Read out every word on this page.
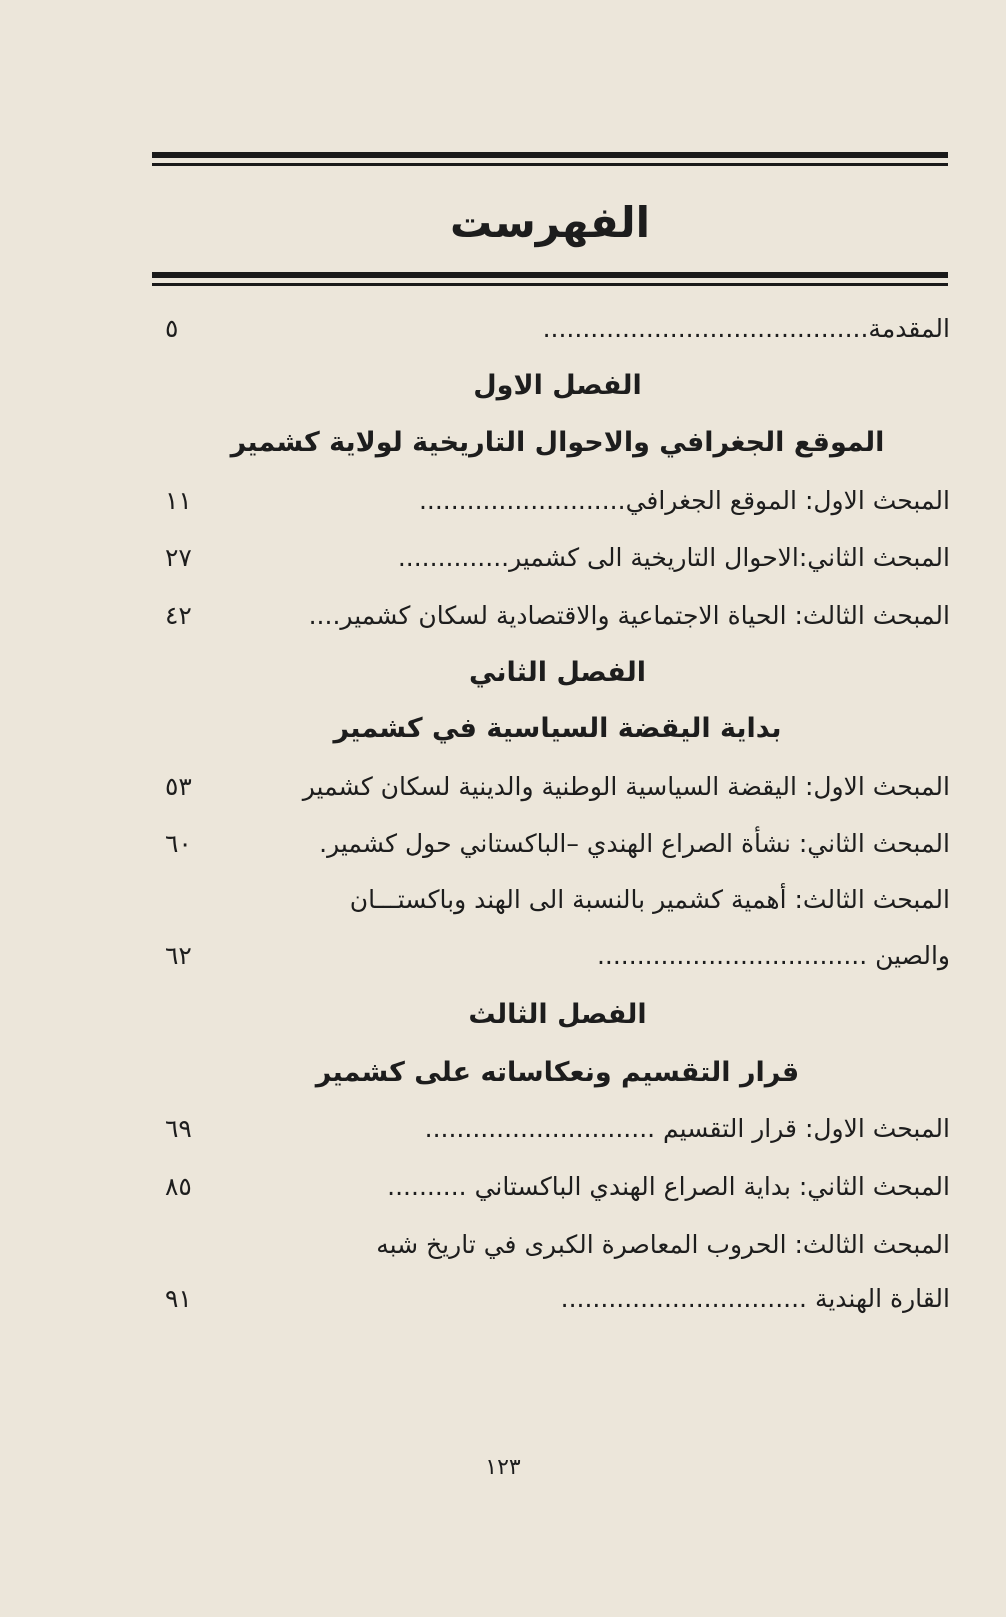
الفهرست
المقدمة.........................................
٥
الفصل الاول
الموقع الجغرافي والاحوال التاريخية لولاية كشمير
المبحث الاول: الموقع الجغرافي..........................
١١
المبحث الثاني:الاحوال التاريخية الى كشمير..............
٢٧
المبحث الثالث: الحياة الاجتماعية والاقتصادية لسكان كشمير....
٤٢
الفصل الثاني
بداية اليقضة السياسية في كشمير
المبحث الاول: اليقضة السياسية الوطنية والدينية لسكان كشمير
٥٣
المبحث الثاني: نشأة الصراع الهندي –الباكستاني حول كشمير.
٦٠
المبحث الثالث: أهمية كشمير بالنسبة الى الهند وباكستـــان
والصين ..................................
٦٢
الفصل الثالث
قرار التقسيم ونعكاساته على كشمير
المبحث الاول: قرار التقسيم .............................
٦٩
المبحث الثاني: بداية الصراع الهندي الباكستاني ..........
٨٥
المبحث الثالث: الحروب المعاصرة الكبرى في تاريخ شبه
القارة الهندية ...............................
٩١
١٢٣
